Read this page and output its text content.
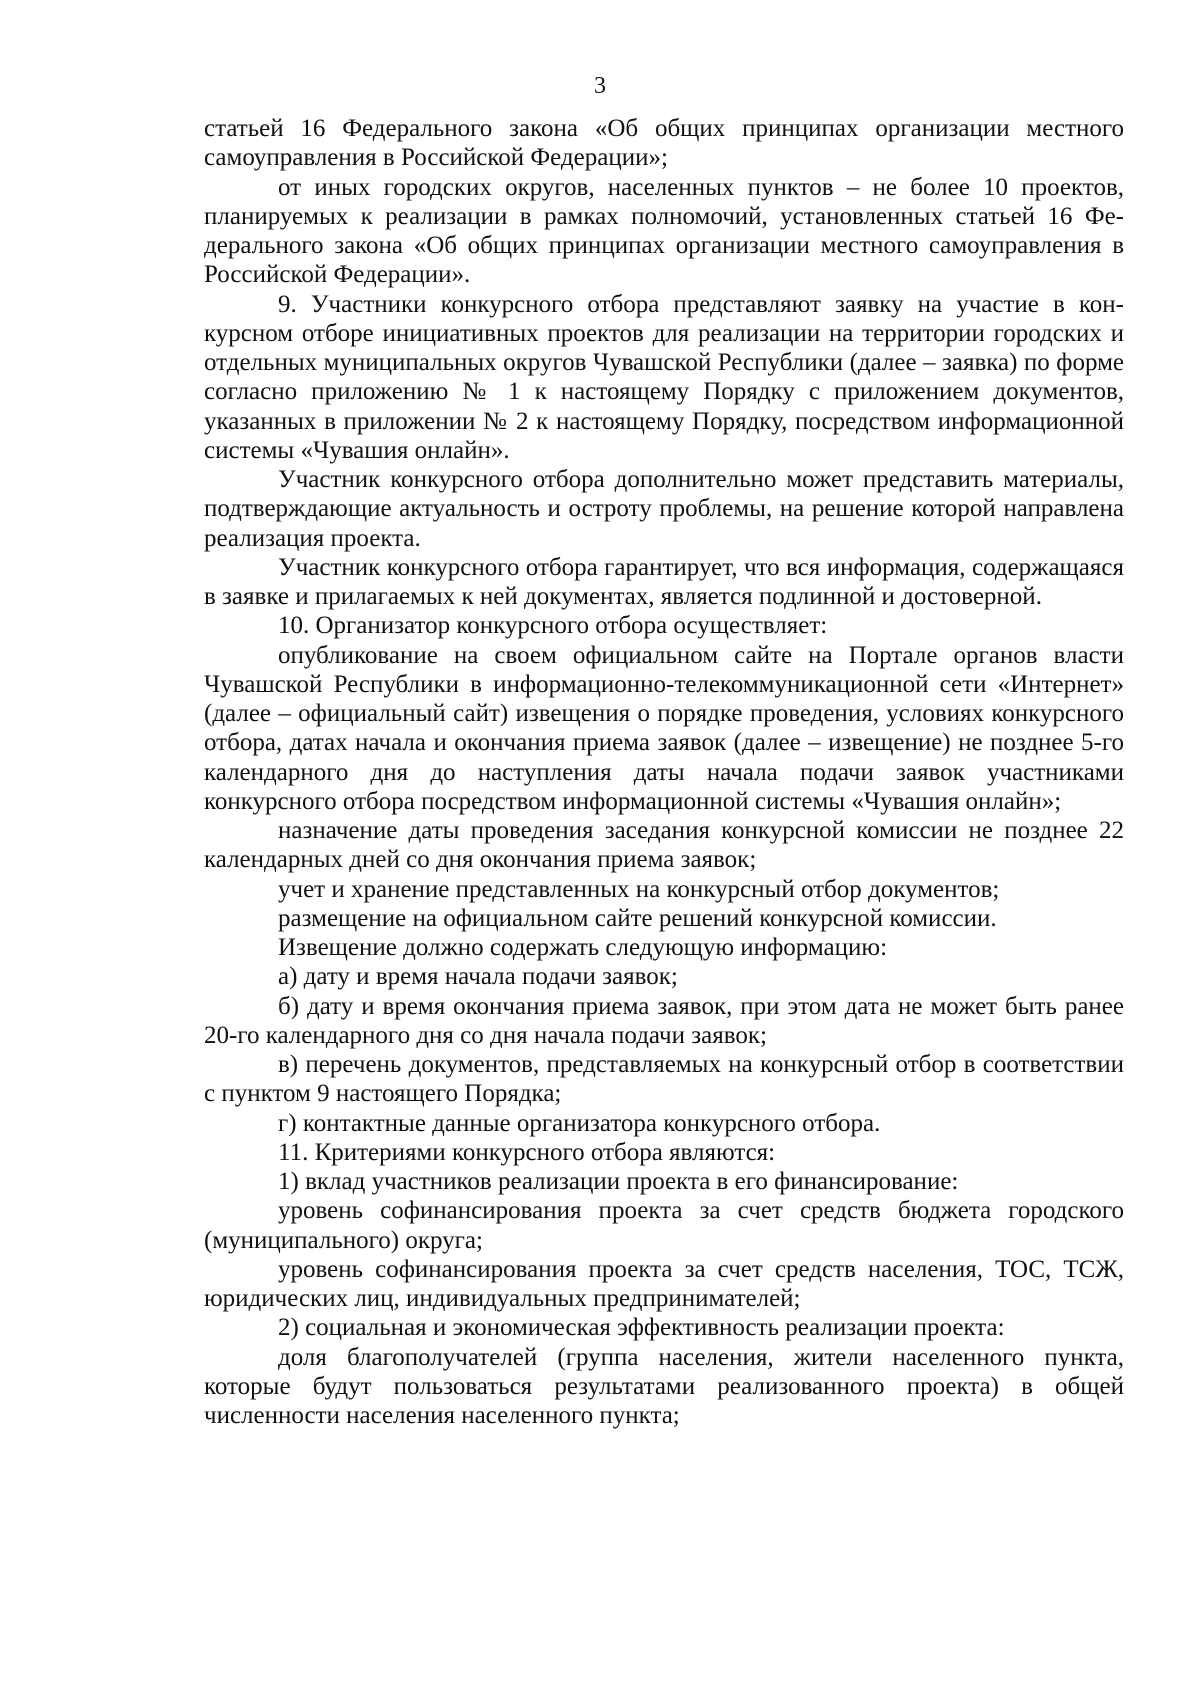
3

статьей 16 Федерального закона «Об общих принципах организации местного самоуправления в Российской Федерации»;

от иных городских округов, населенных пунктов – не более 10 проектов, планируемых к реализации в рамках полномочий, установленных статьей 16 Федерального закона «Об общих принципах организации местного самоуправления в Российской Федерации».

9. Участники конкурсного отбора представляют заявку на участие в конкурсном отборе инициативных проектов для реализации на территории городских и отдельных муниципальных округов Чувашской Республики (далее – заявка) по форме согласно приложению № 1 к настоящему Порядку с приложением документов, указанных в приложении № 2 к настоящему Порядку, посредством информационной системы «Чувашия онлайн».

Участник конкурсного отбора дополнительно может представить материалы, подтверждающие актуальность и остроту проблемы, на решение которой направлена реализация проекта.

Участник конкурсного отбора гарантирует, что вся информация, содержащаяся в заявке и прилагаемых к ней документах, является подлинной и достоверной.

10. Организатор конкурсного отбора осуществляет:

опубликование на своем официальном сайте на Портале органов власти Чувашской Республики в информационно-телекоммуникационной сети «Интернет» (далее – официальный сайт) извещения о порядке проведения, условиях конкурсного отбора, датах начала и окончания приема заявок (далее – извещение) не позднее 5-го календарного дня до наступления даты начала подачи заявок участниками конкурсного отбора посредством информационной системы «Чувашия онлайн»;

назначение даты проведения заседания конкурсной комиссии не позднее 22 календарных дней со дня окончания приема заявок;

учет и хранение представленных на конкурсный отбор документов;

размещение на официальном сайте решений конкурсной комиссии.

Извещение должно содержать следующую информацию:

а) дату и время начала подачи заявок;

б) дату и время окончания приема заявок, при этом дата не может быть ранее 20-го календарного дня со дня начала подачи заявок;

в) перечень документов, представляемых на конкурсный отбор в соответствии с пунктом 9 настоящего Порядка;

г) контактные данные организатора конкурсного отбора.

11. Критериями конкурсного отбора являются:

1) вклад участников реализации проекта в его финансирование:

уровень софинансирования проекта за счет средств бюджета городского (муниципального) округа;

уровень софинансирования проекта за счет средств населения, ТОС, ТСЖ, юридических лиц, индивидуальных предпринимателей;

2) социальная и экономическая эффективность реализации проекта:

доля благополучателей (группа населения, жители населенного пункта, которые будут пользоваться результатами реализованного проекта) в общей численности населения населенного пункта;
